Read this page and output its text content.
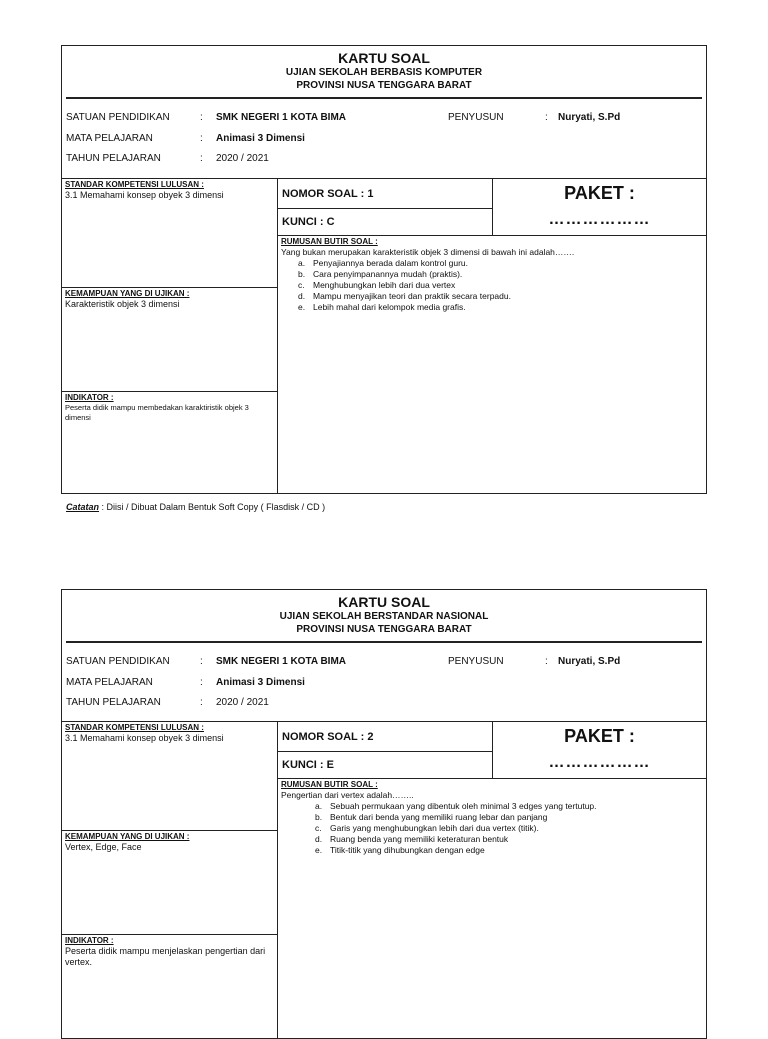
KARTU SOAL
UJIAN SEKOLAH BERBASIS KOMPUTER
PROVINSI NUSA TENGGARA BARAT
SATUAN PENDIDIKAN	: SMK NEGERI 1 KOTA BIMA	PENYUSUN	: Nuryati, S.Pd
MATA PELAJARAN	: Animasi 3 Dimensi
TAHUN PELAJARAN	: 2020 / 2021
STANDAR KOMPETENSI LULUSAN :
3.1 Memahami konsep obyek 3 dimensi
KEMAMPUAN YANG DI UJIKAN :
Karakteristik objek 3 dimensi
INDIKATOR :
Peserta didik mampu membedakan karaktiristik objek 3 dimensi
NOMOR SOAL : 1
KUNCI : C
PAKET :
………………
RUMUSAN BUTIR SOAL :
Yang bukan merupakan karakteristik objek 3 dimensi di bawah ini adalah…….
a. Penyajiannya berada dalam kontrol guru.
b. Cara penyimpanannya mudah (praktis).
c. Menghubungkan lebih dari dua vertex
d. Mampu menyajikan teori dan praktik secara terpadu.
e. Lebih mahal dari kelompok media grafis.
Catatan : Diisi / Dibuat Dalam Bentuk Soft Copy ( Flasdisk / CD )
KARTU SOAL
UJIAN SEKOLAH BERSTANDAR NASIONAL
PROVINSI NUSA TENGGARA BARAT
SATUAN PENDIDIKAN	: SMK NEGERI 1 KOTA BIMA	PENYUSUN	: Nuryati, S.Pd
MATA PELAJARAN	: Animasi 3 Dimensi
TAHUN PELAJARAN	: 2020 / 2021
STANDAR KOMPETENSI LULUSAN :
3.1 Memahami konsep obyek 3 dimensi
KEMAMPUAN YANG DI UJIKAN :
Vertex, Edge, Face
INDIKATOR :
Peserta didik mampu menjelaskan pengertian dari vertex.
NOMOR SOAL : 2
KUNCI : E
PAKET :
………………
RUMUSAN BUTIR SOAL :
Pengertian dari vertex adalah……..
a. Sebuah permukaan yang dibentuk oleh minimal 3 edges yang tertutup.
b. Bentuk dari benda yang memiliki ruang lebar dan panjang
c. Garis yang menghubungkan lebih dari dua vertex (titik).
d. Ruang benda yang memiliki keteraturan bentuk
e. Titik-titik yang dihubungkan dengan edge
